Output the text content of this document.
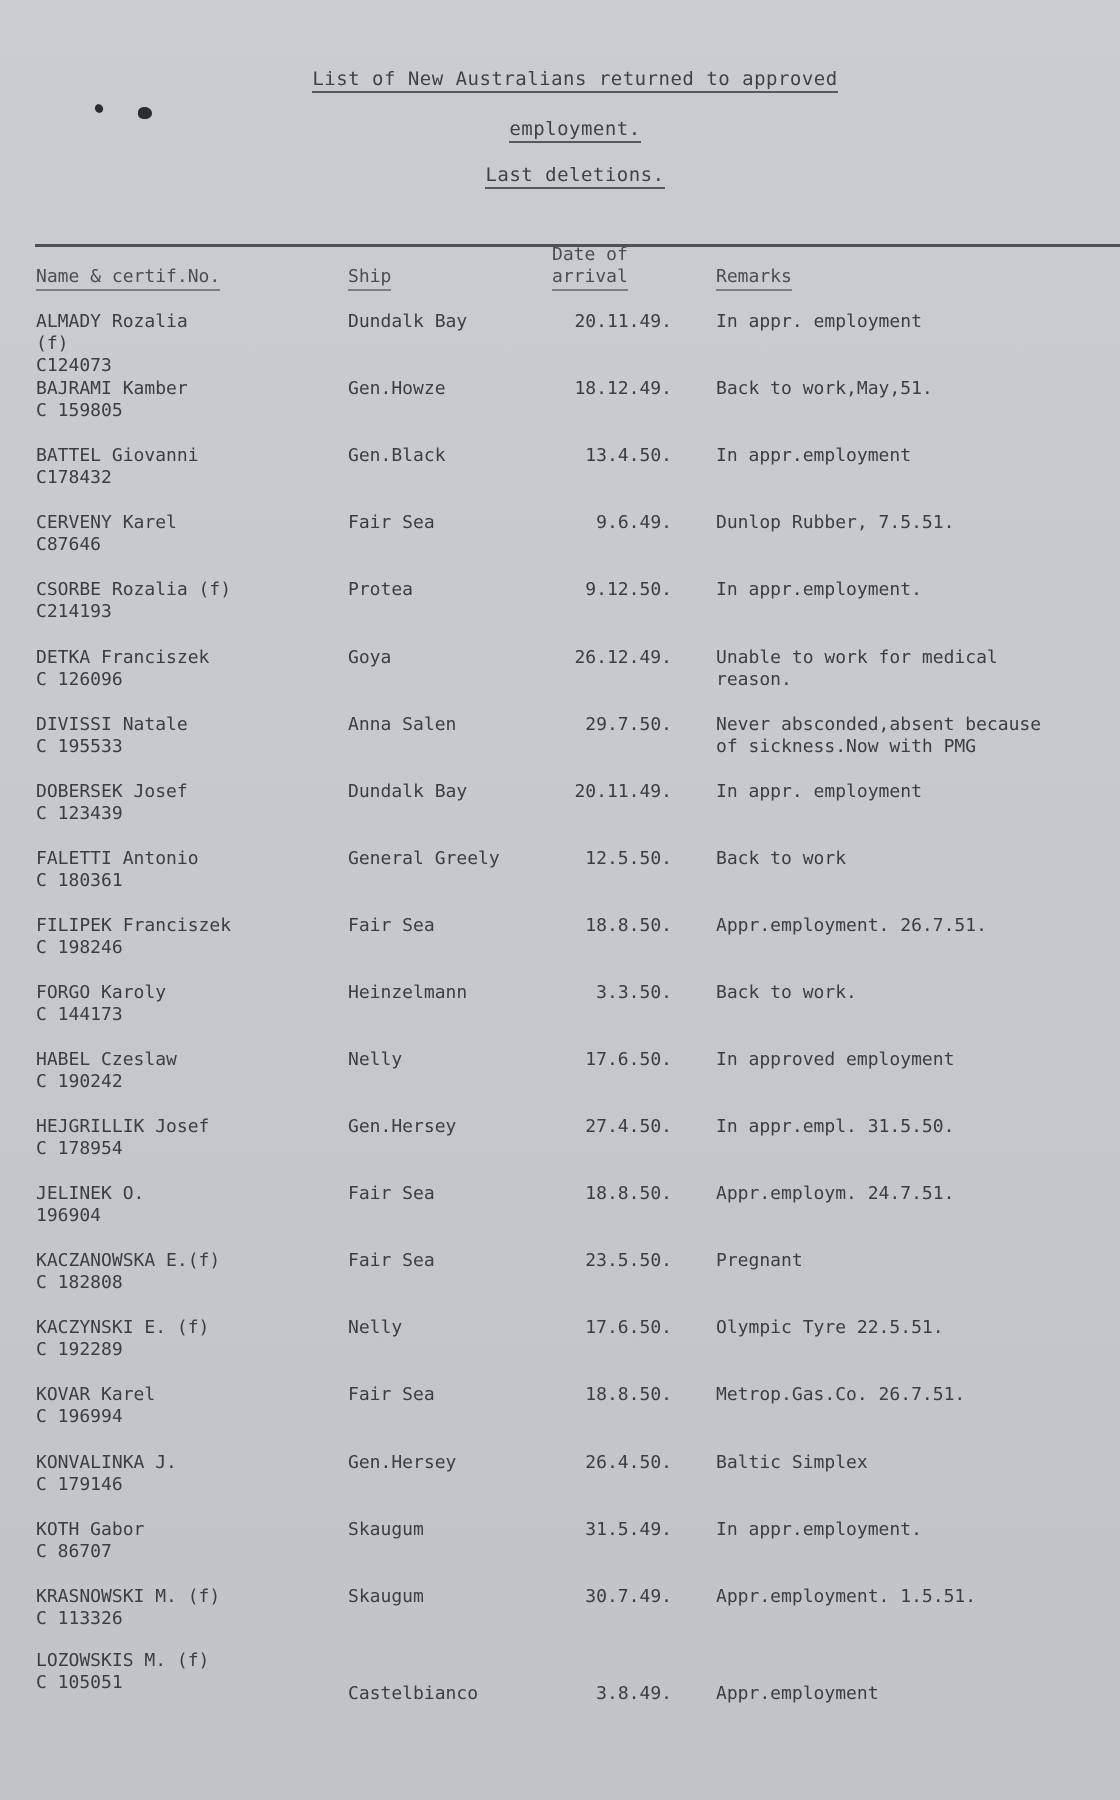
List of New Australians returned to approved
employment.
Last deletions.
Name & certif.No.	Ship
Date of
arrival	Remarks
ALMADY Rozalia
(f)
C124073
Dundalk Bay	20.11.49. In appr. employment
BAJRAMI Kamber
C 159805
Gen.Howze	18.12.49. Back to work,May,51.
BATTEL Giovanni
C178432
Gen.Black	13.4.50. In appr.employment
CERVENY Karel
C87646
Fair Sea	9.6.49. Dunlop Rubber, 7.5.51.
CSORBE Rozalia (f)
C214193
Protea	9.12.50. In appr.employment.
DETKA Franciszek
C 126096
Goya	26.12.49. Unable to work for medical
reason.
DIVISSI Natale
C 195533
Anna Salen	29.7.50. Never absconded,absent because
of sickness.Now with PMG
DOBERSEK Josef
C 123439
Dundalk Bay	20.11.49. In appr. employment
FALETTI Antonio
C 180361
General Greely	12.5.50. Back to work
FILIPEK Franciszek
C 198246
Fair Sea	18.8.50. Appr.employment. 26.7.51.
FORGO Karoly
C 144173
Heinzelmann	3.3.50. Back to work.
HABEL Czeslaw
C 190242
Nelly	17.6.50. In approved employment
HEJGRILLIK Josef
C 178954
Gen.Hersey	27.4.50. In appr.empl. 31.5.50.
JELINEK O.
196904
Fair Sea	18.8.50. Appr.employm. 24.7.51.
KACZANOWSKA E.(f)
C 182808
Fair Sea	23.5.50. Pregnant
KACZYNSKI E. (f)
C 192289
Nelly	17.6.50. Olympic Tyre 22.5.51.
KOVAR Karel
C 196994
Fair Sea	18.8.50. Metrop.Gas.Co. 26.7.51.
KONVALINKA J.
C 179146
Gen.Hersey	26.4.50. Baltic Simplex
KOTH Gabor
C 86707
Skaugum	31.5.49. In appr.employment.
KRASNOWSKI M. (f)
C 113326
Skaugum	30.7.49. Appr.employment. 1.5.51.
LOZOWSKIS M. (f)
C 105051
Castelbianco	3.8.49. Appr.employment
